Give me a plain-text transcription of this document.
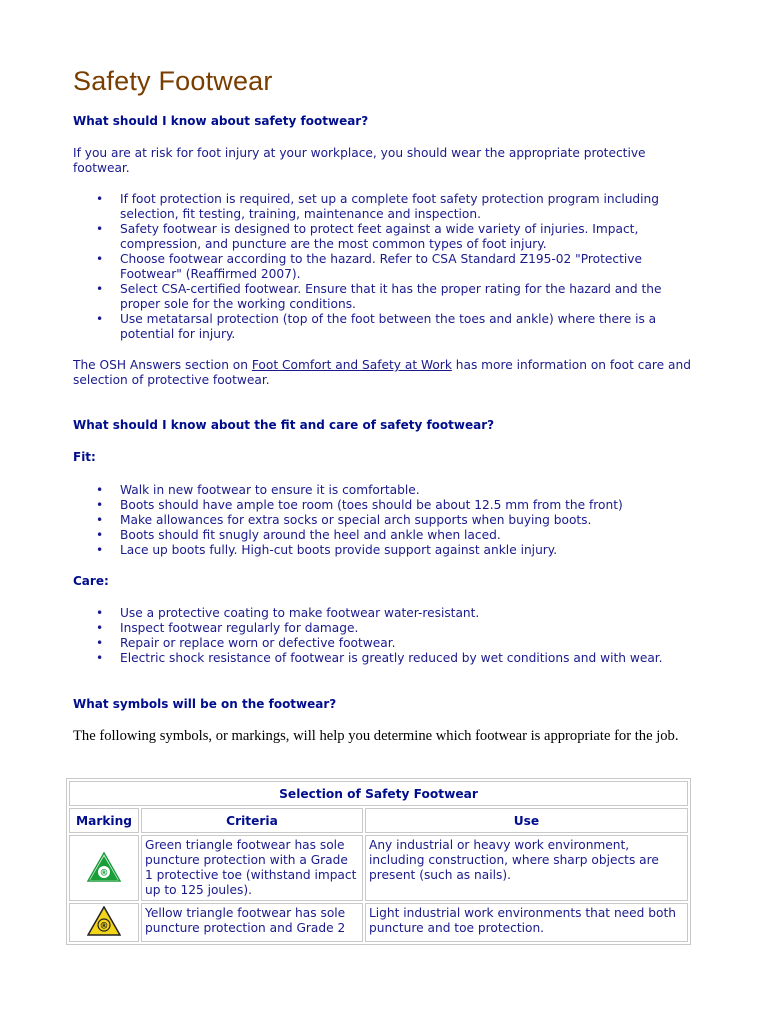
Safety Footwear

What should I know about safety footwear?

If you are at risk for foot injury at your workplace, you should wear the appropriate protective footwear.

• If foot protection is required, set up a complete foot safety protection program including selection, fit testing, training, maintenance and inspection.
• Safety footwear is designed to protect feet against a wide variety of injuries. Impact, compression, and puncture are the most common types of foot injury.
• Choose footwear according to the hazard. Refer to CSA Standard Z195-02 "Protective Footwear" (Reaffirmed 2007).
• Select CSA-certified footwear. Ensure that it has the proper rating for the hazard and the proper sole for the working conditions.
• Use metatarsal protection (top of the foot between the toes and ankle) where there is a potential for injury.

The OSH Answers section on Foot Comfort and Safety at Work has more information on foot care and selection of protective footwear.

What should I know about the fit and care of safety footwear?

Fit:

• Walk in new footwear to ensure it is comfortable.
• Boots should have ample toe room (toes should be about 12.5 mm from the front)
• Make allowances for extra socks or special arch supports when buying boots.
• Boots should fit snugly around the heel and ankle when laced.
• Lace up boots fully. High-cut boots provide support against ankle injury.

Care:

• Use a protective coating to make footwear water-resistant.
• Inspect footwear regularly for damage.
• Repair or replace worn or defective footwear.
• Electric shock resistance of footwear is greatly reduced by wet conditions and with wear.

What symbols will be on the footwear?

The following symbols, or markings, will help you determine which footwear is appropriate for the job.

Selection of Safety Footwear		
Marking	Criteria	Use

®	Green triangle footwear has sole puncture protection with a Grade 1 protective toe (withstand impact up to 125 joules).	Any industrial or heavy work environment, including construction, where sharp objects are present (such as nails).

®	Yellow triangle footwear has sole puncture protection and Grade 2	Light industrial work environments that need both puncture and toe protection.
